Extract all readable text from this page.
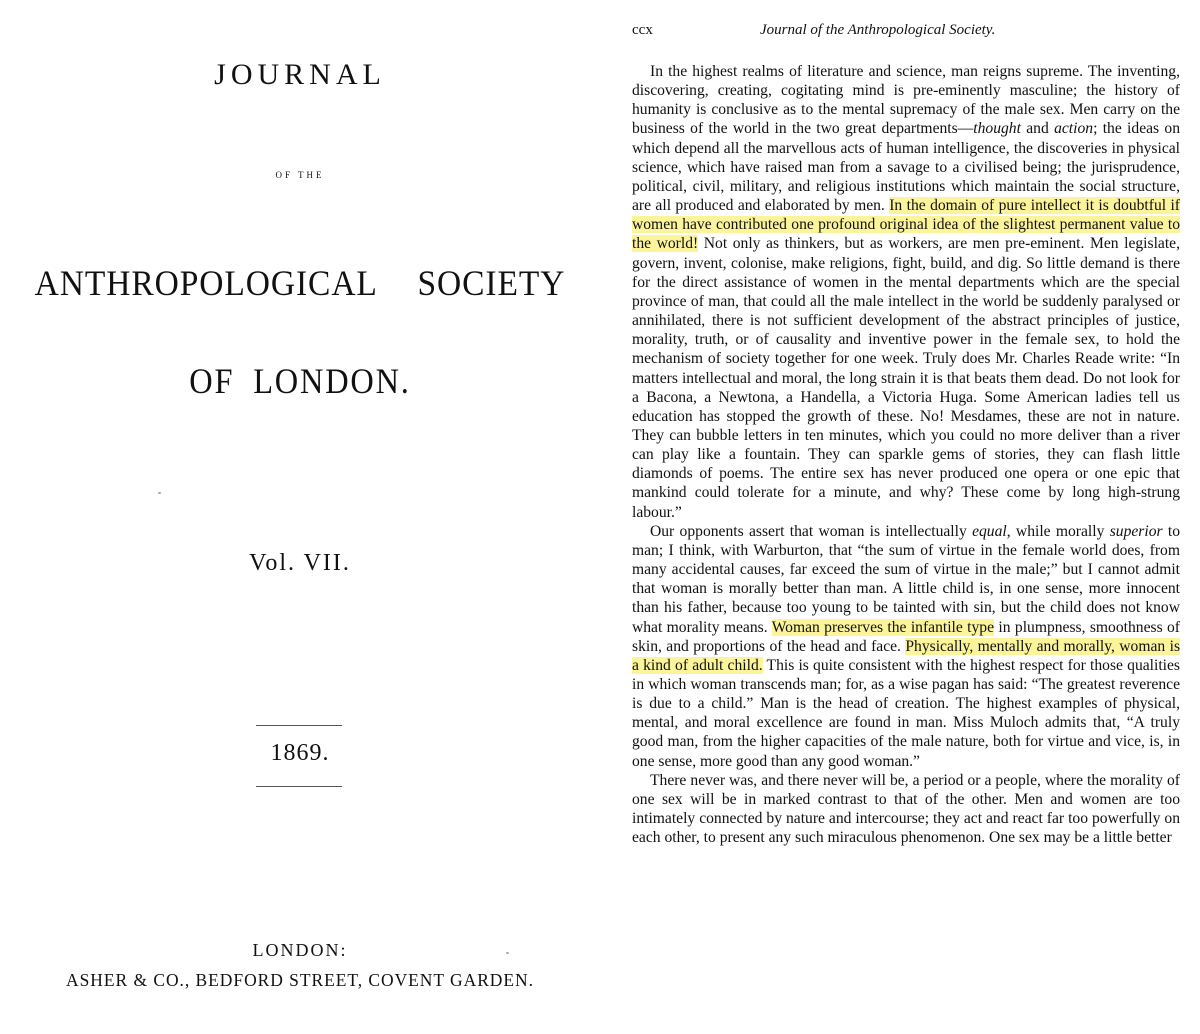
JOURNAL
OF THE
ANTHROPOLOGICAL SOCIETY
OF LONDON.
Vol. VII.
1869.
LONDON:
ASHER & CO., BEDFORD STREET, COVENT GARDEN.
ccx	Journal of the Anthropological Society.

In the highest realms of literature and science, man reigns supreme. The inventing, discovering, creating, cogitating mind is pre-eminently masculine; the history of humanity is conclusive as to the mental supremacy of the male sex. Men carry on the business of the world in the two great departments—thought and action; the ideas on which depend all the marvellous acts of human intelligence, the discoveries in physical science, which have raised man from a savage to a civilised being; the jurisprudence, political, civil, military, and religious institutions which maintain the social structure, are all produced and elaborated by men. In the domain of pure intellect it is doubtful if women have contributed one profound original idea of the slightest permanent value to the world! Not only as thinkers, but as workers, are men pre-eminent. Men legislate, govern, invent, colonise, make religions, fight, build, and dig. So little demand is there for the direct assistance of women in the mental departments which are the special province of man, that could all the male intellect in the world be suddenly paralysed or annihilated, there is not sufficient development of the abstract principles of justice, morality, truth, or of causality and inventive power in the female sex, to hold the mechanism of society together for one week. Truly does Mr. Charles Reade write: “In matters intellectual and moral, the long strain it is that beats them dead. Do not look for a Bacona, a Newtona, a Handella, a Victoria Huga. Some American ladies tell us education has stopped the growth of these. No! Mesdames, these are not in nature. They can bubble letters in ten minutes, which you could no more deliver than a river can play like a fountain. They can sparkle gems of stories, they can flash little diamonds of poems. The entire sex has never produced one opera or one epic that mankind could tolerate for a minute, and why? These come by long high-strung labour.”

Our opponents assert that woman is intellectually equal, while morally superior to man; I think, with Warburton, that “the sum of virtue in the female world does, from many accidental causes, far exceed the sum of virtue in the male;” but I cannot admit that woman is morally better than man. A little child is, in one sense, more innocent than his father, because too young to be tainted with sin, but the child does not know what morality means. Woman preserves the infantile type in plumpness, smoothness of skin, and proportions of the head and face. Physically, mentally and morally, woman is a kind of adult child. This is quite consistent with the highest respect for those qualities in which woman transcends man; for, as a wise pagan has said: “The greatest reverence is due to a child.” Man is the head of creation. The highest examples of physical, mental, and moral excellence are found in man. Miss Muloch admits that, “A truly good man, from the higher capacities of the male nature, both for virtue and vice, is, in one sense, more good than any good woman.”

There never was, and there never will be, a period or a people, where the morality of one sex will be in marked contrast to that of the other. Men and women are too intimately connected by nature and intercourse; they act and react far too powerfully on each other, to present any such miraculous phenomenon. One sex may be a little better
